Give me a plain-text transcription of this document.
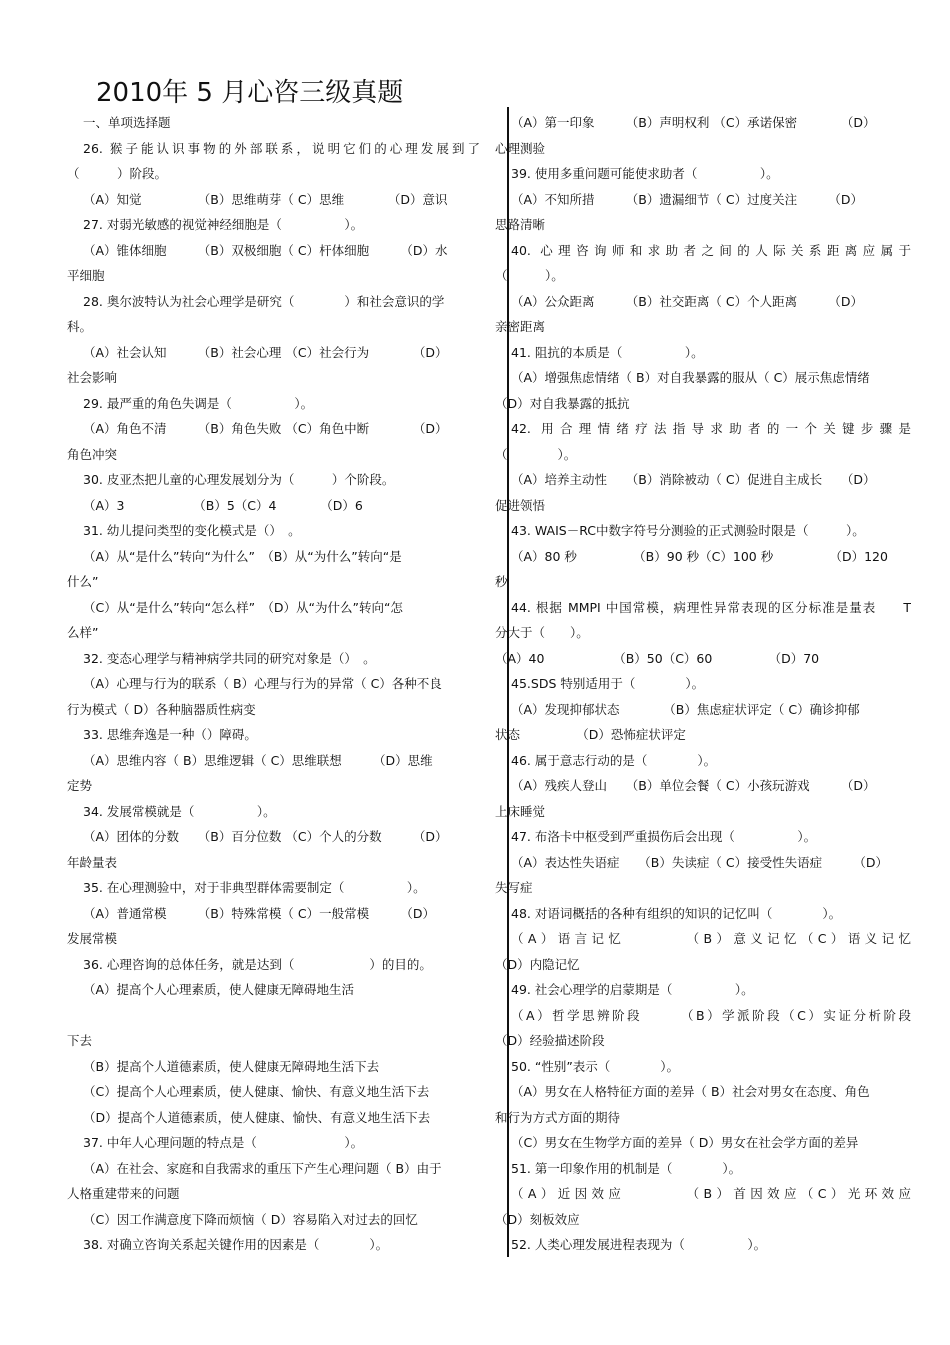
2010年 5 月心咨三级真题
一、单项选择题
26. 猴子能认识事物的外部联系，说明它们的心理发展到了
（　　　）阶段。
（A）知觉　　　　　（B）思维萌芽（ C）思维　　　　（D）意识
27. 对弱光敏感的视觉神经细胞是（　　　　　）。
（A）锥体细胞　　　（B）双极细胞（ C）杆体细胞　　　（D）水
平细胞
28. 奥尔波特认为社会心理学是研究（　　　　）和社会意识的学
科。
（A）社会认知　　　（B）社会心理 （C）社会行为　　　　（D）
社会影响
29. 最严重的角色失调是（　　　　　）。
（A）角色不清　　　（B）角色失败 （C）角色中断　　　　（D）
角色冲突
30. 皮亚杰把儿童的心理发展划分为（　　　）个阶段。
（A）3　　　　　　（B）5（C）4　　　　（D）6
31. 幼儿提问类型的变化模式是（）　。
（A）从“是什么”转向“为什么”　（B）从“为什么”转向“是
什么”
（C）从“是什么”转向“怎么样”　（D）从“为什么”转向“怎
么样”
32. 变态心理学与精神病学共同的研究对象是（）　。
（A）心理与行为的联系（ B）心理与行为的异常（ C）各种不良
行为模式（ D）各种脑器质性病变
33. 思维奔逸是一种（）障碍。
（A）思维内容（ B）思维逻辑（ C）思维联想　　　（D）思维
定势
34. 发展常模就是（　　　　　）。
（A）团体的分数　　（B）百分位数 （C）个人的分数　　　（D）
年龄量表
35. 在心理测验中，对于非典型群体需要制定（　　　　　）。
（A）普通常模　　　（B）特殊常模（ C）一般常模　　　（D）
发展常模
36. 心理咨询的总体任务，就是达到（　　　　　　）的目的。
（A）提高个人心理素质，使人健康无障碍地生活
下去
（B）提高个人道德素质，使人健康无障碍地生活下去
（C）提高个人心理素质，使人健康、愉快、有意义地生活下去
（D）提高个人道德素质，使人健康、愉快、有意义地生活下去
37. 中年人心理问题的特点是（　　　　　　　）。
（A）在社会、家庭和自我需求的重压下产生心理问题（ B）由于
人格重建带来的问题
（C）因工作满意度下降而烦恼（ D）容易陷入对过去的回忆
38. 对确立咨询关系起关键作用的因素是（　　　　）。
（A）第一印象　　　（B）声明权利 （C）承诺保密　　　　（D）
心理测验
39. 使用多重问题可能使求助者（　　　　　）。
（A）不知所措　　　（B）遗漏细节（ C）过度关注　　　（D）
思路清晰
40. 心理咨询师和求助者之间的人际关系距离应属于
（　　　）。
（A）公众距离　　　（B）社交距离（ C）个人距离　　　（D）
亲密距离
41. 阻抗的本质是（　　　　　）。
（A）增强焦虑情绪（ B）对自我暴露的服从（ C）展示焦虑情绪
（D）对自我暴露的抵抗
42. 用合理情绪疗法指导求助者的一个关键步骤是
（　　　　）。
（A）培养主动性　　（B）消除被动（ C）促进自主成长　　（D）
促进领悟
43. WAIS－RC中数字符号分测验的正式测验时限是（　　　）。
（A）80 秒　　　　　（B）90 秒（C）100 秒　　　　　（D）120
秒
44. 根据 MMPI 中国常模，病理性异常表现的区分标准是量表　　T
分大于（　　）。
（A）40　　　　　　（B）50（C）60　　　　　（D）70
45.SDS 特别适用于（　　　　）。
（A）发现抑郁状态　　　　（B）焦虑症状评定（ C）确诊抑郁
状态　　　　　（D）恐怖症状评定
46. 属于意志行动的是（　　　　）。
（A）残疾人登山　　（B）单位会餐（ C）小孩玩游戏　　　（D）
上床睡觉
47. 布洛卡中枢受到严重损伤后会出现（　　　　　）。
（A）表达性失语症　　（B）失读症（ C）接受性失语症　　　（D）
失写症
48. 对语词概括的各种有组织的知识的记忆叫（　　　　）。
（A）语言记忆　　　　（B）意义记忆（C）语义记忆
（D）内隐记忆
49. 社会心理学的启蒙期是（　　　　　）。
（A）哲学思辨阶段　　　（B）学派阶段（C）实证分析阶段
（D）经验描述阶段
50. “性别”表示（　　　　）。
（A）男女在人格特征方面的差异（ B）社会对男女在态度、角色
和行为方式方面的期待
（C）男女在生物学方面的差异（ D）男女在社会学方面的差异
51. 第一印象作用的机制是（　　　　）。
（A）近因效应　　　　（B）首因效应（C）光环效应
（D）刻板效应
52. 人类心理发展进程表现为（　　　　　）。
